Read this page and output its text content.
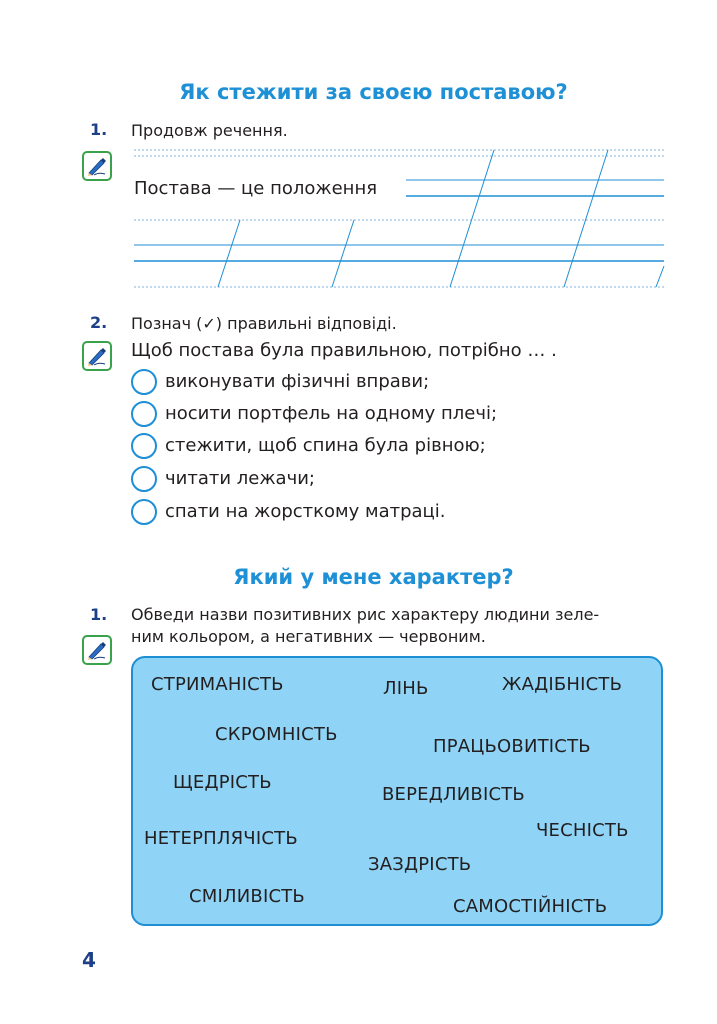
Як стежити за своєю поставою?
1. Продовж речення.
Постава — це положення
2. Познач (✓) правильні відповіді.
Щоб постава була правильною, потрібно … .
виконувати фізичні вправи;
носити портфель на одному плечі;
стежити, щоб спина була рівною;
читати лежачи;
спати на жорсткому матраці.
Який у мене характер?
1. Обведи назви позитивних рис характеру людини зеле-
ним кольором, а негативних — червоним.
СТРИМАНІСТЬ	ЛІНЬ	ЖАДІБНІСТЬ
СКРОМНІСТЬ
ПРАЦЬОВИТІСТЬ
ЩЕДРІСТЬ
ВЕРЕДЛИВІСТЬ
НЕТЕРПЛЯЧІСТЬ	ЧЕСНІСТЬ
ЗАЗДРІСТЬ
СМІЛИВІСТЬ	САМОСТІЙНІСТЬ
4
